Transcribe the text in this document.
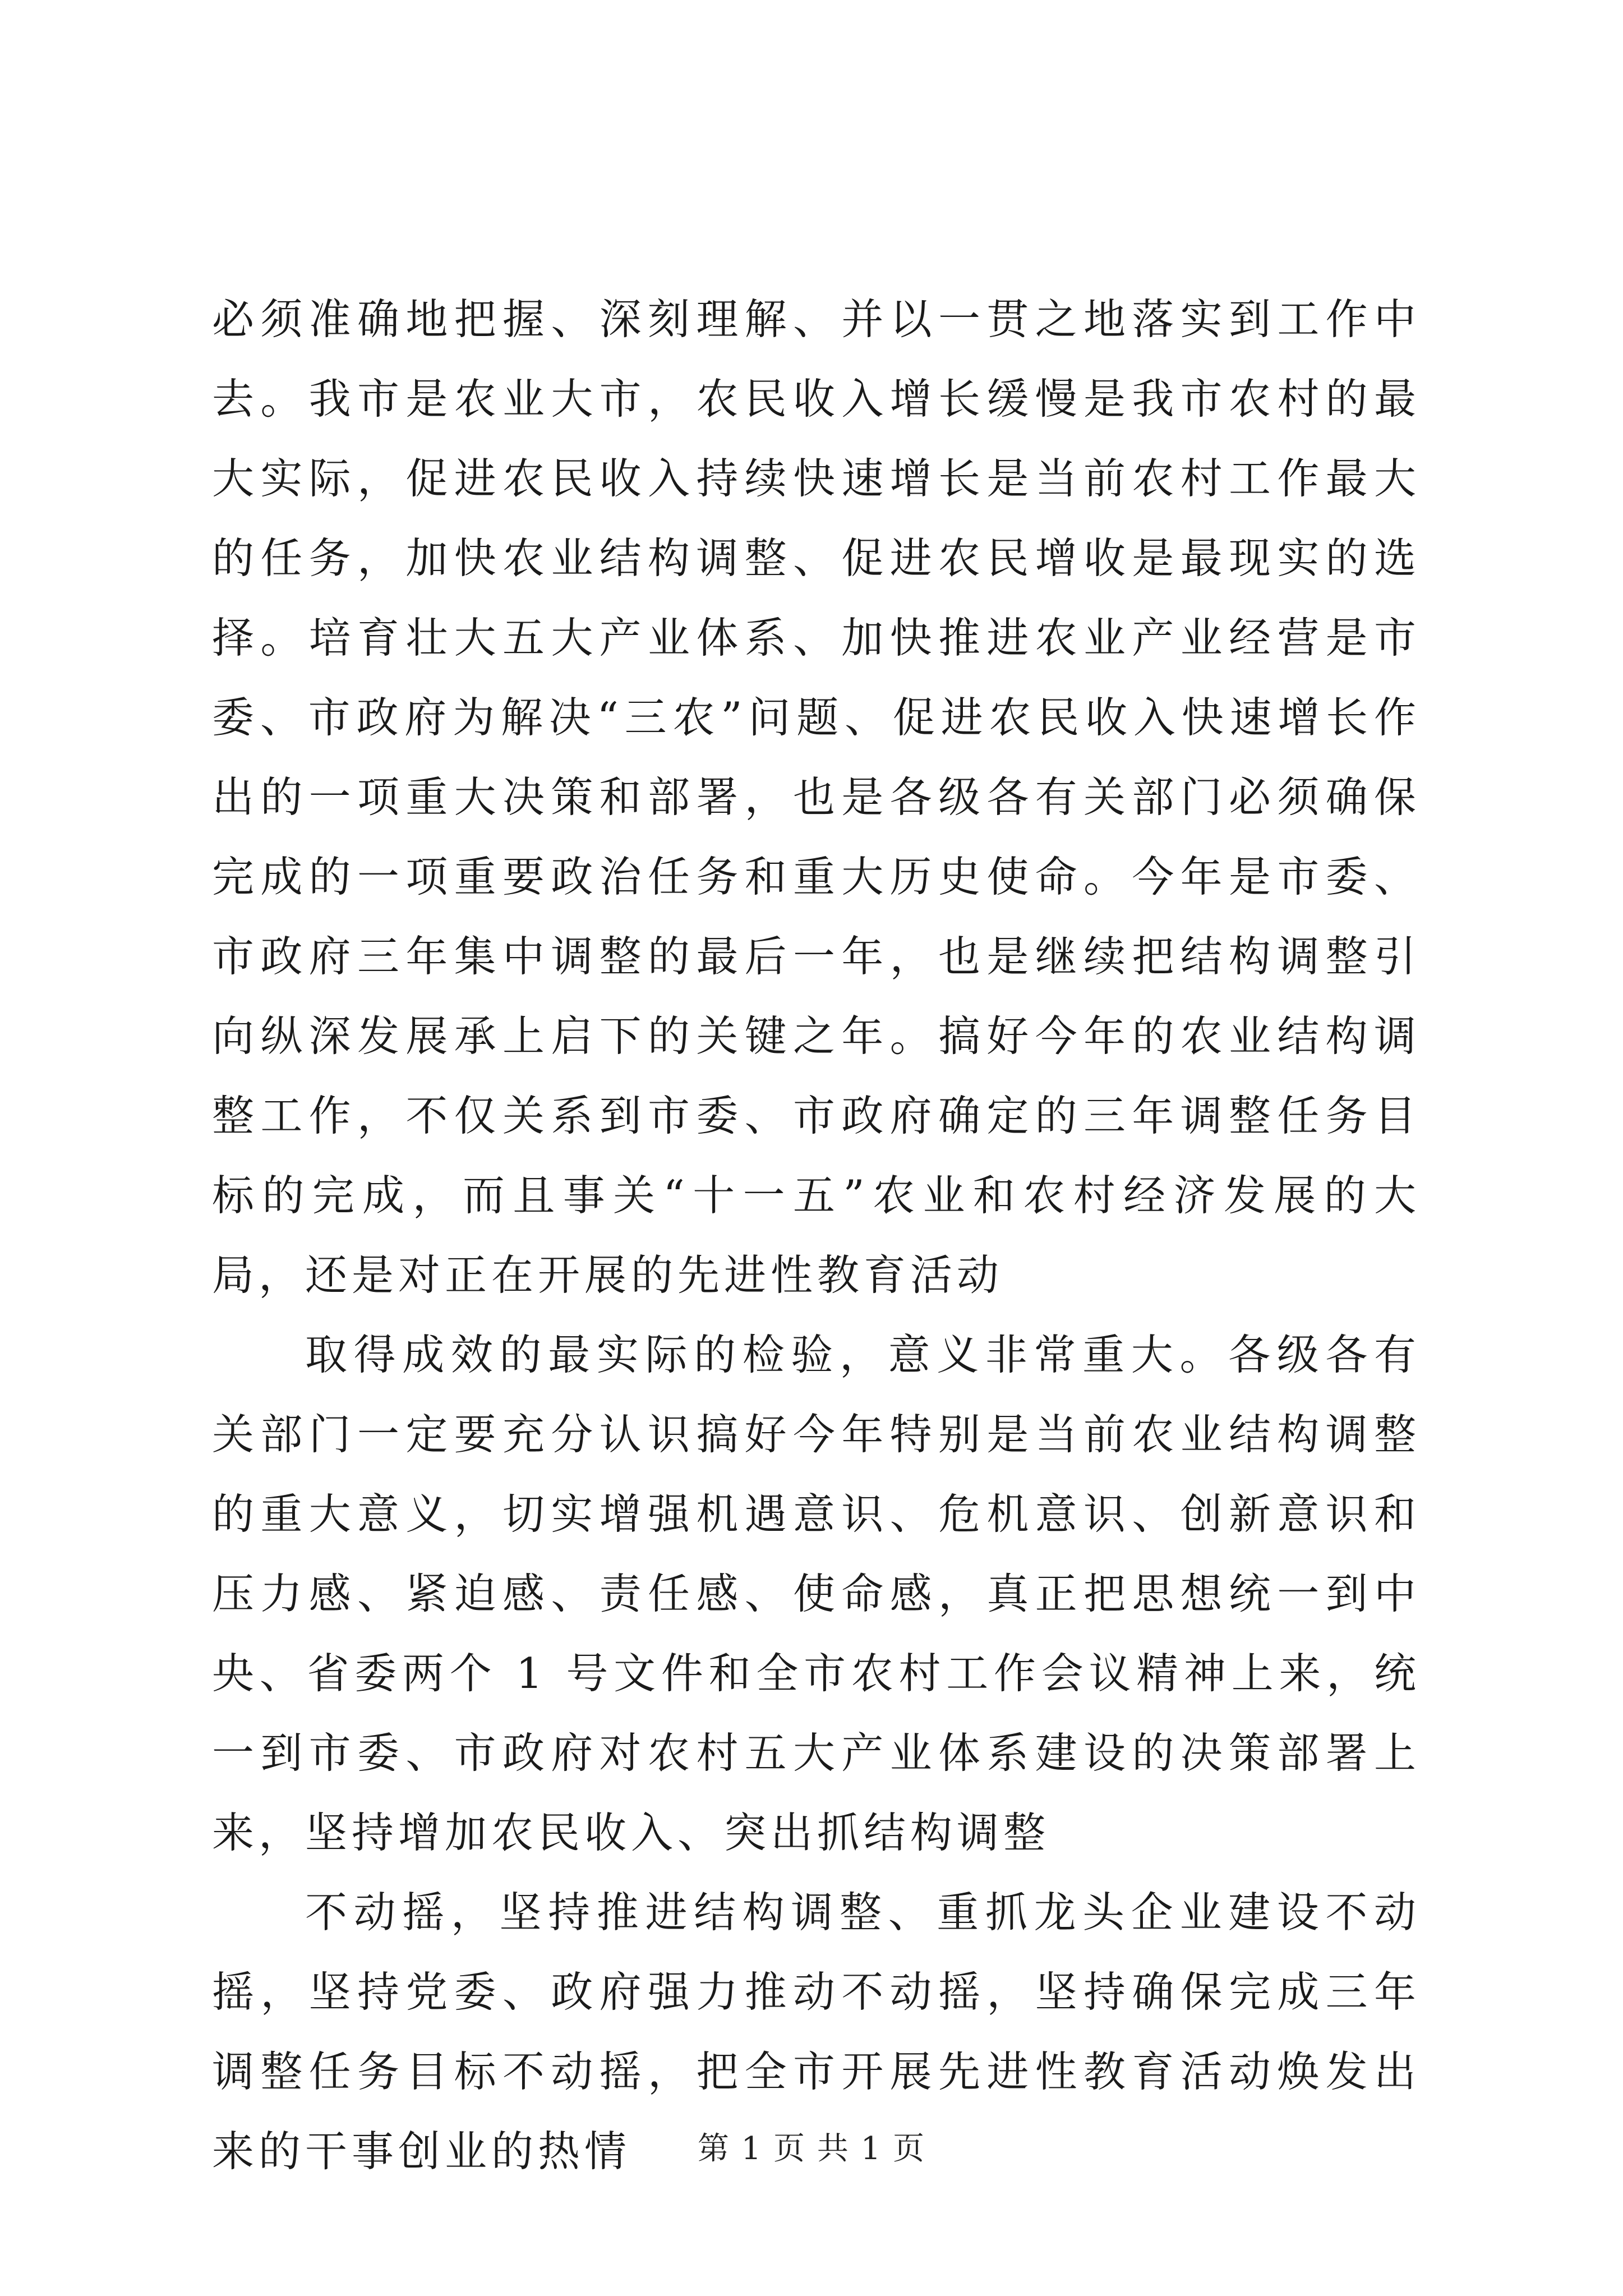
必须准确地把握、深刻理解、并以一贯之地落实到工作中去。我市是农业大市，农民收入增长缓慢是我市农村的最大实际，促进农民收入持续快速增长是当前农村工作最大的任务，加快农业结构调整、促进农民增收是最现实的选择。培育壮大五大产业体系、加快推进农业产业经营是市委、市政府为解决“三农”问题、促进农民收入快速增长作出的一项重大决策和部署，也是各级各有关部门必须确保完成的一项重要政治任务和重大历史使命。今年是市委、市政府三年集中调整的最后一年，也是继续把结构调整引向纵深发展承上启下的关键之年。搞好今年的农业结构调整工作，不仅关系到市委、市政府确定的三年调整任务目标的完成，而且事关“十一五”农业和农村经济发展的大局，还是对正在开展的先进性教育活动

取得成效的最实际的检验，意义非常重大。各级各有关部门一定要充分认识搞好今年特别是当前农业结构调整的重大意义，切实增强机遇意识、危机意识、创新意识和压力感、紧迫感、责任感、使命感，真正把思想统一到中央、省委两个 1 号文件和全市农村工作会议精神上来，统一到市委、市政府对农村五大产业体系建设的决策部署上来，坚持增加农民收入、突出抓结构调整

不动摇，坚持推进结构调整、重抓龙头企业建设不动摇，坚持党委、政府强力推动不动摇，坚持确保完成三年调整任务目标不动摇，把全市开展先进性教育活动焕发出来的干事创业的热情	第 1 页 共 1 页
